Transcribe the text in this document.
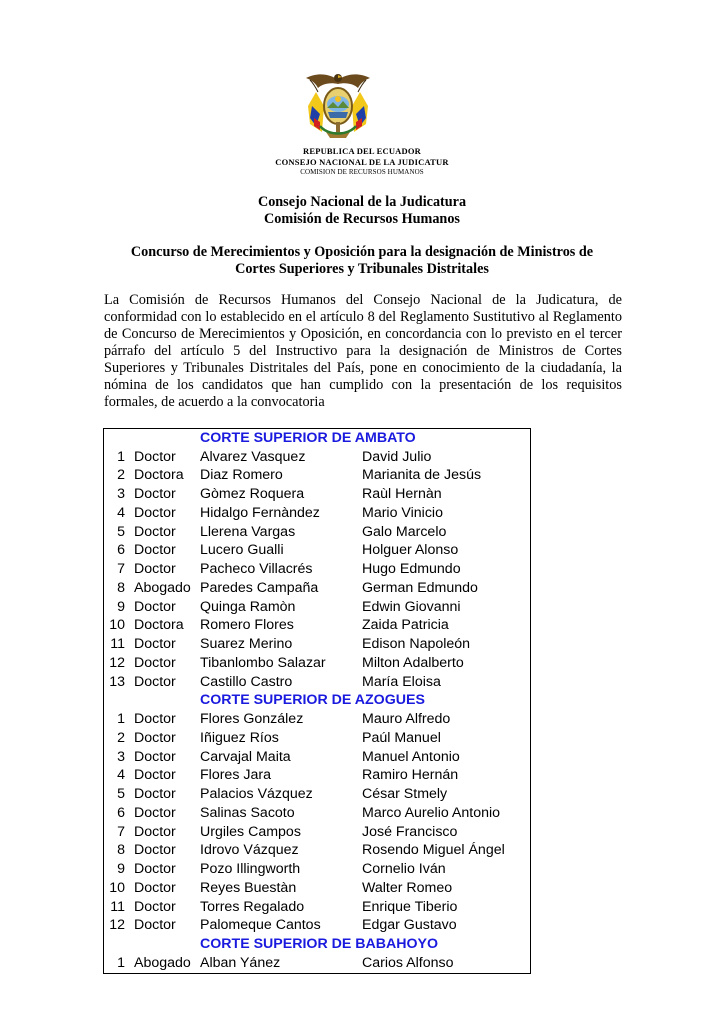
REPUBLICA DEL ECUADOR
CONSEJO NACIONAL DE LA JUDICATUR
COMISION DE RECURSOS HUMANOS
Consejo Nacional de la Judicatura
Comisión de Recursos Humanos
Concurso de Merecimientos y Oposición para la designación de Ministros de
Cortes Superiores y Tribunales Distritales

La Comisión de Recursos Humanos del Consejo Nacional de la Judicatura, de conformidad con lo establecido en el artículo 8 del Reglamento Sustitutivo al Reglamento de Concurso de Merecimientos y Oposición, en concordancia con lo previsto en el tercer párrafo del artículo 5 del Instructivo para la designación de Ministros de Cortes Superiores y Tribunales Distritales del País, pone en conocimiento de la ciudadanía, la nómina de los candidatos que han cumplido con la presentación de los requisitos formales, de acuerdo a la convocatoria

		CORTE SUPERIOR DE AMBATO	
1	Doctor	Alvarez Vasquez	David Julio
2	Doctora	Diaz Romero	Marianita de Jesús
3	Doctor	Gòmez Roquera	Raùl Hernàn
4	Doctor	Hidalgo Fernàndez	Mario Vinicio
5	Doctor	Llerena Vargas	Galo Marcelo
6	Doctor	Lucero Gualli	Holguer Alonso
7	Doctor	Pacheco Villacrés	Hugo Edmundo
8	Abogado	Paredes Campaña	German Edmundo
9	Doctor	Quinga Ramòn	Edwin Giovanni
10	Doctora	Romero Flores	Zaida Patricia
11	Doctor	Suarez Merino	Edison Napoleón
12	Doctor	Tibanlombo Salazar	Milton Adalberto
13	Doctor	Castillo Castro	María Eloisa
		CORTE SUPERIOR DE AZOGUES	
1	Doctor	Flores González	Mauro Alfredo
2	Doctor	Iñiguez Ríos	Paúl Manuel
3	Doctor	Carvajal Maita	Manuel Antonio
4	Doctor	Flores Jara	Ramiro Hernán
5	Doctor	Palacios Vázquez	César Stmely
6	Doctor	Salinas Sacoto	Marco Aurelio Antonio
7	Doctor	Urgiles Campos	José Francisco
8	Doctor	Idrovo Vázquez	Rosendo Miguel Ángel
9	Doctor	Pozo Illingworth	Cornelio Iván
10	Doctor	Reyes Buestàn	Walter Romeo
11	Doctor	Torres Regalado	Enrique Tiberio
12	Doctor	Palomeque Cantos	Edgar Gustavo
		CORTE SUPERIOR DE BABAHOYO	
1	Abogado	Alban Yánez	Carios Alfonso
